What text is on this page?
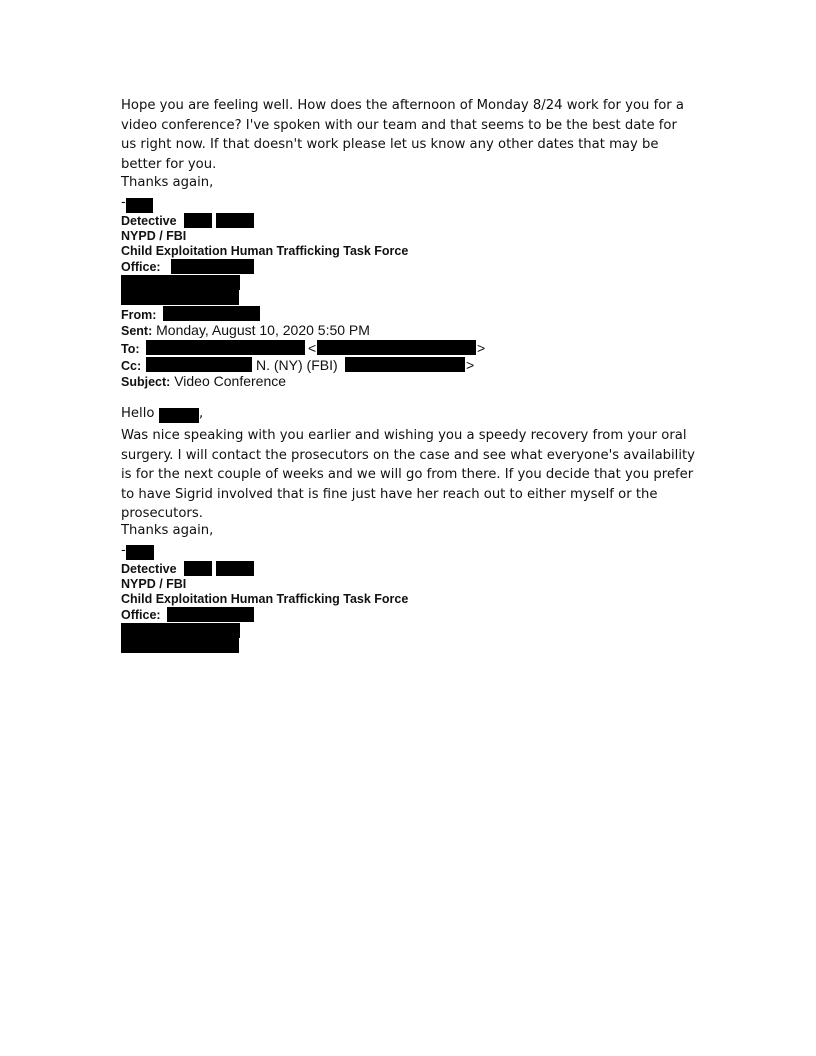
Hope you are feeling well. How does the afternoon of Monday 8/24 work for you for a video conference? I've spoken with our team and that seems to be the best date for us right now. If that doesn't work please let us know any other dates that may be better for you.

Thanks again,
-
Detective
NYPD / FBI
Child Exploitation Human Trafficking Task Force
Office:
From:
Sent: Monday, August 10, 2020 5:50 PM
To:	<	>
Cc:	N. (NY) (FBI)	>
Subject: Video Conference
Hello	,

Was nice speaking with you earlier and wishing you a speedy recovery from your oral surgery. I will contact the prosecutors on the case and see what everyone's availability is for the next couple of weeks and we will go from there. If you decide that you prefer to have Sigrid involved that is fine just have her reach out to either myself or the prosecutors.

Thanks again,
-
Detective
NYPD / FBI
Child Exploitation Human Trafficking Task Force
Office:
